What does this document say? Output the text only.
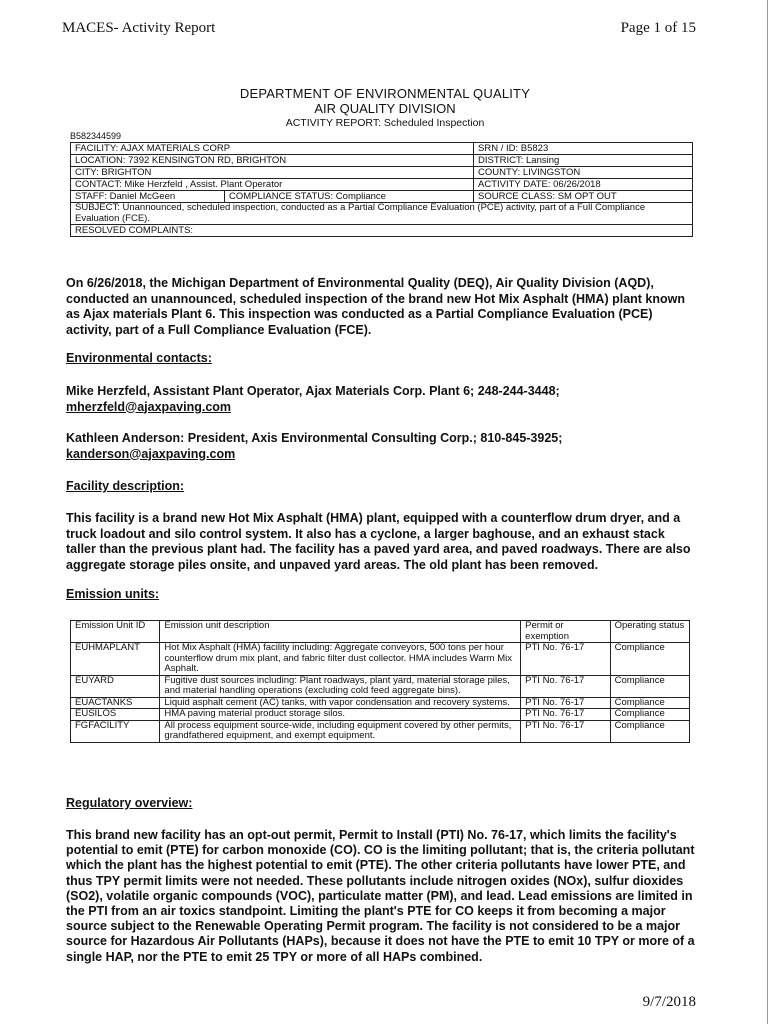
MACES- Activity Report	Page 1 of 15
DEPARTMENT OF ENVIRONMENTAL QUALITY
AIR QUALITY DIVISION
ACTIVITY REPORT: Scheduled Inspection
B582344599
FACILITY: AJAX MATERIALS CORP		SRN / ID: B5823
LOCATION: 7392 KENSINGTON RD, BRIGHTON		DISTRICT: Lansing
CITY: BRIGHTON		COUNTY: LIVINGSTON
CONTACT: Mike Herzfeld , Assist. Plant Operator		ACTIVITY DATE: 06/26/2018
STAFF: Daniel McGeen	COMPLIANCE STATUS: Compliance	SOURCE CLASS: SM OPT OUT
SUBJECT: Unannounced, scheduled inspection, conducted as a Partial Compliance Evaluation (PCE) activity, part of a Full Compliance Evaluation (FCE).		
RESOLVED COMPLAINTS:		

On 6/26/2018, the Michigan Department of Environmental Quality (DEQ), Air Quality Division (AQD), conducted an unannounced, scheduled inspection of the brand new Hot Mix Asphalt (HMA) plant known as Ajax materials Plant 6. This inspection was conducted as a Partial Compliance Evaluation (PCE) activity, part of a Full Compliance Evaluation (FCE).

Environmental contacts:

Mike Herzfeld, Assistant Plant Operator, Ajax Materials Corp. Plant 6; 248-244-3448;

mherzfeld@ajaxpaving.com

Kathleen Anderson: President, Axis Environmental Consulting Corp.; 810-845-3925;

kanderson@ajaxpaving.com

Facility description:

This facility is a brand new Hot Mix Asphalt (HMA) plant, equipped with a counterflow drum dryer, and a truck loadout and silo control system. It also has a cyclone, a larger baghouse, and an exhaust stack taller than the previous plant had. The facility has a paved yard area, and paved roadways. There are also aggregate storage piles onsite, and unpaved yard areas. The old plant has been removed.

Emission units:

Emission Unit ID	Emission unit description	Permit or exemption	Operating status
EUHMAPLANT	Hot Mix Asphalt (HMA) facility including: Aggregate conveyors, 500 tons per hour counterflow drum mix plant, and fabric filter dust collector. HMA includes Warm Mix Asphalt.	PTI No. 76-17	Compliance
EUYARD	Fugitive dust sources including: Plant roadways, plant yard, material storage piles, and material handling operations (excluding cold feed aggregate bins).	PTI No. 76-17	Compliance
EUACTANKS	Liquid asphalt cement (AC) tanks, with vapor condensation and recovery systems.	PTI No. 76-17	Compliance
EUSILOS	HMA paving material product storage silos.	PTI No. 76-17	Compliance
FGFACILITY	All process equipment source-wide, including equipment covered by other permits, grandfathered equipment, and exempt equipment.	PTI No. 76-17	Compliance

Regulatory overview:

This brand new facility has an opt-out permit, Permit to Install (PTI) No. 76-17, which limits the facility's potential to emit (PTE) for carbon monoxide (CO). CO is the limiting pollutant; that is, the criteria pollutant which the plant has the highest potential to emit (PTE). The other criteria pollutants have lower PTE, and thus TPY permit limits were not needed. These pollutants include nitrogen oxides (NOx), sulfur dioxides (SO2), volatile organic compounds (VOC), particulate matter (PM), and lead. Lead emissions are limited in the PTI from an air toxics standpoint. Limiting the plant's PTE for CO keeps it from becoming a major source subject to the Renewable Operating Permit program. The facility is not considered to be a major source for Hazardous Air Pollutants (HAPs), because it does not have the PTE to emit 10 TPY or more of a single HAP, nor the PTE to emit 25 TPY or more of all HAPs combined.

9/7/2018
